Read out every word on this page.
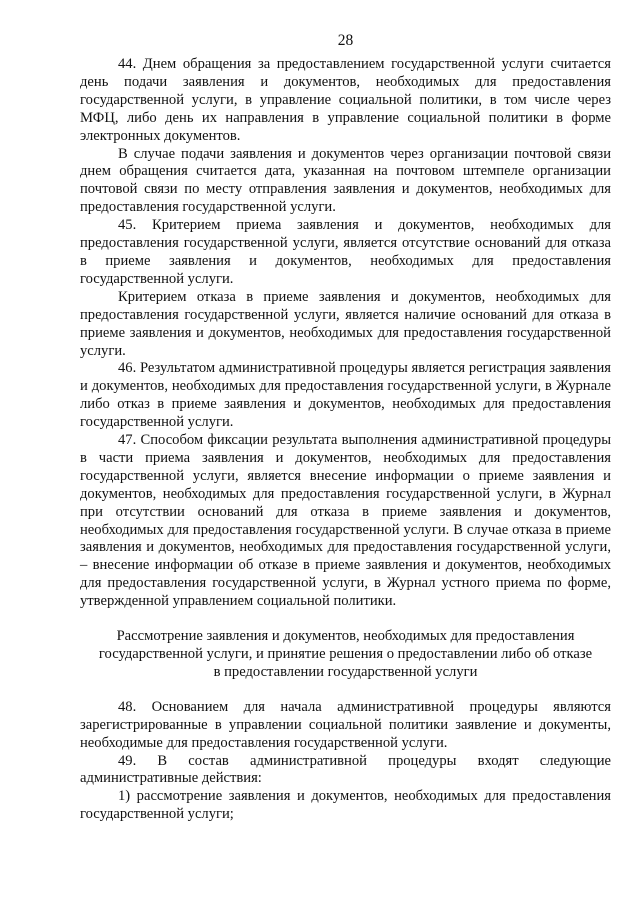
28

44. Днем обращения за предоставлением государственной услуги считается день подачи заявления и документов, необходимых для предоставления государственной услуги, в управление социальной политики, в том числе через МФЦ, либо день их направления в управление социальной политики в форме электронных документов.

В случае подачи заявления и документов через организации почтовой связи днем обращения считается дата, указанная на почтовом штемпеле организации почтовой связи по месту отправления заявления и документов, необходимых для предоставления государственной услуги.

45. Критерием приема заявления и документов, необходимых для предоставления государственной услуги, является отсутствие оснований для отказа в приеме заявления и документов, необходимых для предоставления государственной услуги.

Критерием отказа в приеме заявления и документов, необходимых для предоставления государственной услуги, является наличие оснований для отказа в приеме заявления и документов, необходимых для предоставления государственной услуги.

46. Результатом административной процедуры является регистрация заявления и документов, необходимых для предоставления государственной услуги, в Журнале либо отказ в приеме заявления и документов, необходимых для предоставления государственной услуги.

47. Способом фиксации результата выполнения административной процедуры в части приема заявления и документов, необходимых для предоставления государственной услуги, является внесение информации о приеме заявления и документов, необходимых для предоставления государственной услуги, в Журнал при отсутствии оснований для отказа в приеме заявления и документов, необходимых для предоставления государственной услуги. В случае отказа в приеме заявления и документов, необходимых для предоставления государственной услуги, – внесение информации об отказе в приеме заявления и документов, необходимых для предоставления государственной услуги, в Журнал устного приема по форме, утвержденной управлением социальной политики.

Рассмотрение заявления и документов, необходимых для предоставления

государственной услуги, и принятие решения о предоставлении либо об отказе

в предоставлении государственной услуги

48. Основанием для начала административной процедуры являются зарегистрированные в управлении социальной политики заявление и документы, необходимые для предоставления государственной услуги.

49. В состав административной процедуры входят следующие административные действия:

1) рассмотрение заявления и документов, необходимых для предоставления государственной услуги;
